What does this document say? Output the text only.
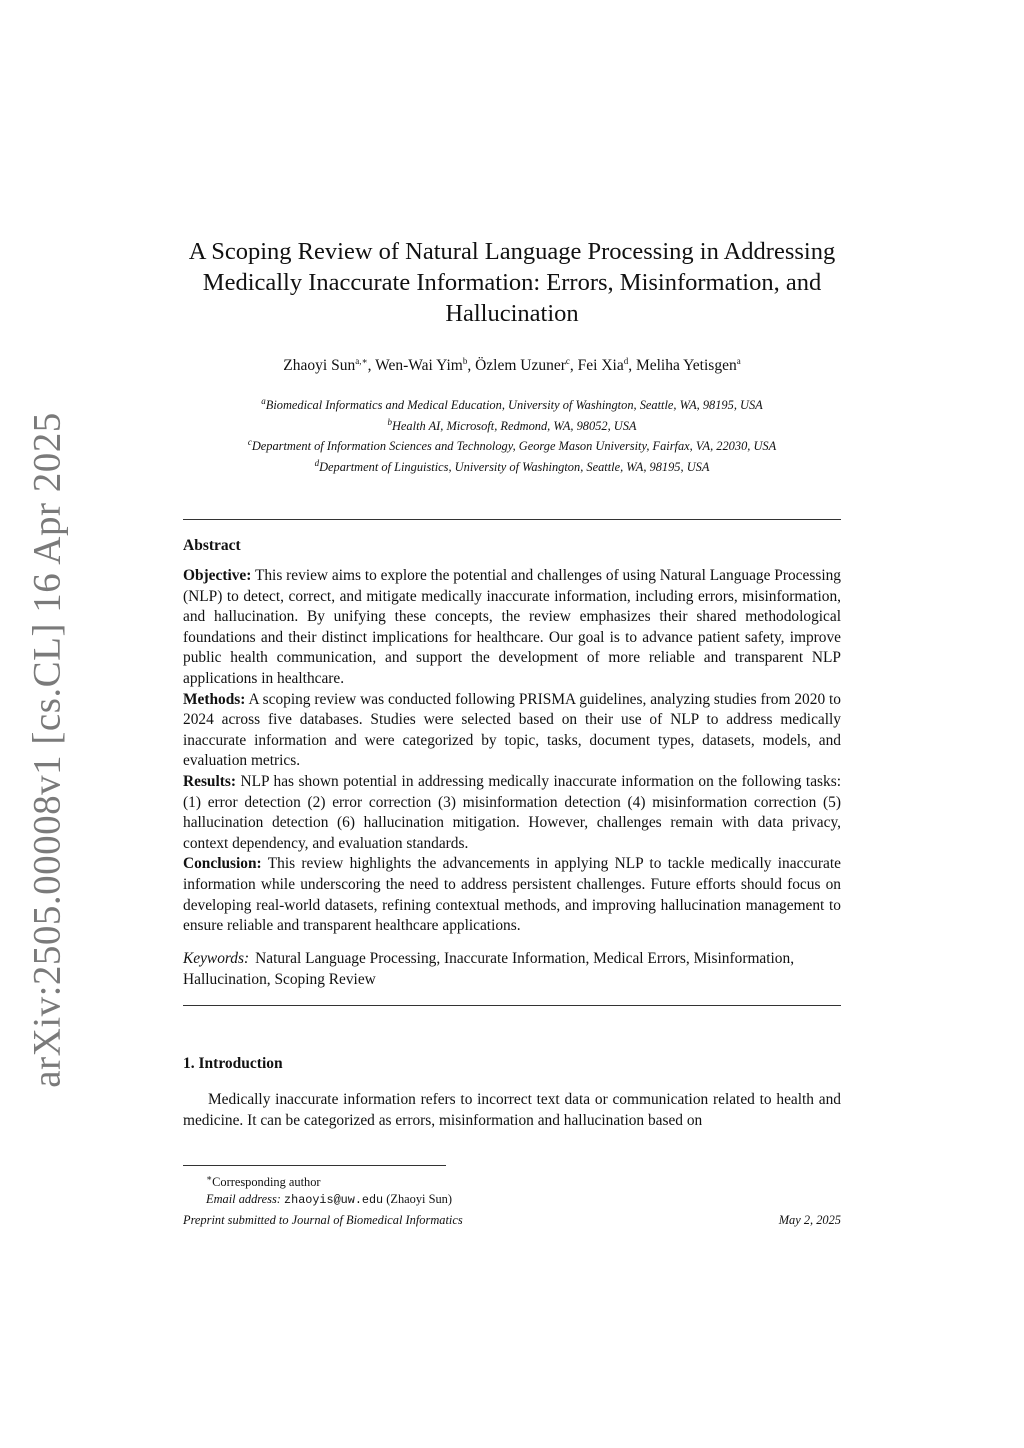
arXiv:2505.00008v1 [cs.CL] 16 Apr 2025
A Scoping Review of Natural Language Processing in Addressing Medically Inaccurate Information: Errors, Misinformation, and Hallucination
Zhaoyi Sun$^{a,∗}$, Wen-Wai Yim$^b$, Özlem Uzuner$^c$, Fei Xia$^d$, Meliha Yetisgen$^a$
$^a$Biomedical Informatics and Medical Education, University of Washington, Seattle, WA, 98195, USA
$^b$Health AI, Microsoft, Redmond, WA, 98052, USA
$^c$Department of Information Sciences and Technology, George Mason University, Fairfax, VA, 22030, USA
$^d$Department of Linguistics, University of Washington, Seattle, WA, 98195, USA
Abstract

Objective: This review aims to explore the potential and challenges of using Natural Language Processing (NLP) to detect, correct, and mitigate medically inaccurate information, including errors, misinformation, and hallucination. By unifying these concepts, the review emphasizes their shared methodological foundations and their distinct implications for healthcare. Our goal is to advance patient safety, improve public health communication, and support the development of more reliable and transparent NLP applications in healthcare.

Methods: A scoping review was conducted following PRISMA guidelines, analyzing studies from 2020 to 2024 across five databases. Studies were selected based on their use of NLP to address medically inaccurate information and were categorized by topic, tasks, document types, datasets, models, and evaluation metrics.

Results: NLP has shown potential in addressing medically inaccurate information on the following tasks: (1) error detection (2) error correction (3) misinformation detection (4) misinformation correction (5) hallucination detection (6) hallucination mitigation. However, challenges remain with data privacy, context dependency, and evaluation standards.

Conclusion: This review highlights the advancements in applying NLP to tackle medically inaccurate information while underscoring the need to address persistent challenges. Future efforts should focus on developing real-world datasets, refining contextual methods, and improving hallucination management to ensure reliable and transparent healthcare applications.

Keywords: Natural Language Processing, Inaccurate Information, Medical Errors, Misinformation, Hallucination, Scoping Review
1. Introduction
Medically inaccurate information refers to incorrect text data or communication related to health and medicine. It can be categorized as errors, misinformation and hallucination based on
∗Corresponding author
Email address: zhaoyis@uw.edu (Zhaoyi Sun)
Preprint submitted to Journal of Biomedical Informatics	May 2, 2025
